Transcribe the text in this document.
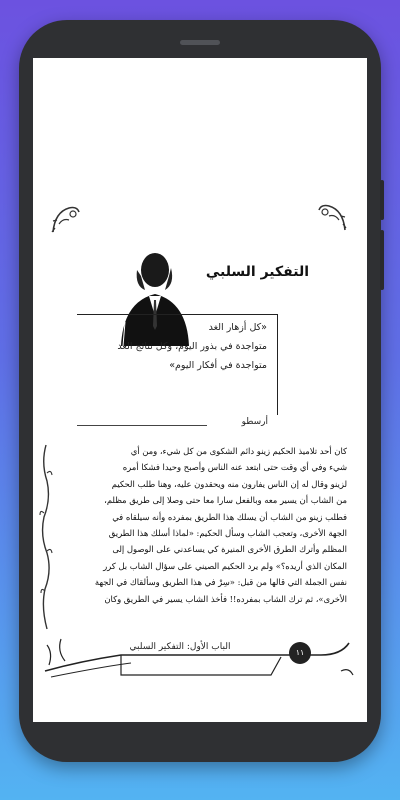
التفكير السلبي
«كل أزهار الغد
متواجدة في بذور اليوم، وكل نتائج الغد
متواجدة في أفكار اليوم»
أرسطو
كان أحد تلاميذ الحكيم زينو دائم الشكوى من كل شيء، ومن أي
شيء وفي أي وقت حتى ابتعد عنه الناس وأصبح وحيدا فشكا أمره
لزينو وقال له إن الناس يفارون منه ويحقدون عليه، وهنا طلب الحكيم
من الشاب أن يسير معه وبالفعل سارا معا حتى وصلا إلى طريق مظلم،
فطلب زينو من الشاب أن يسلك هذا الطريق بمفرده وأنه سيلقاه في
الجهة الأخرى، وتعجب الشاب وسأل الحكيم: «لماذا أسلك هذا الطريق
المظلم وأترك الطرق الأخرى المنيرة كي يساعدني على الوصول إلى
المكان الذي أريده؟» ولم يرد الحكيم الصيني على سؤال الشاب بل كرر
نفس الجملة التي قالها من قبل: «سِرْ في هذا الطريق وسألقاك في الجهة
الأخرى»، ثم ترك الشاب بمفرده!! فأخذ الشاب يسير في الطريق وكان
الباب الأول: التفكير السلبي
١١
